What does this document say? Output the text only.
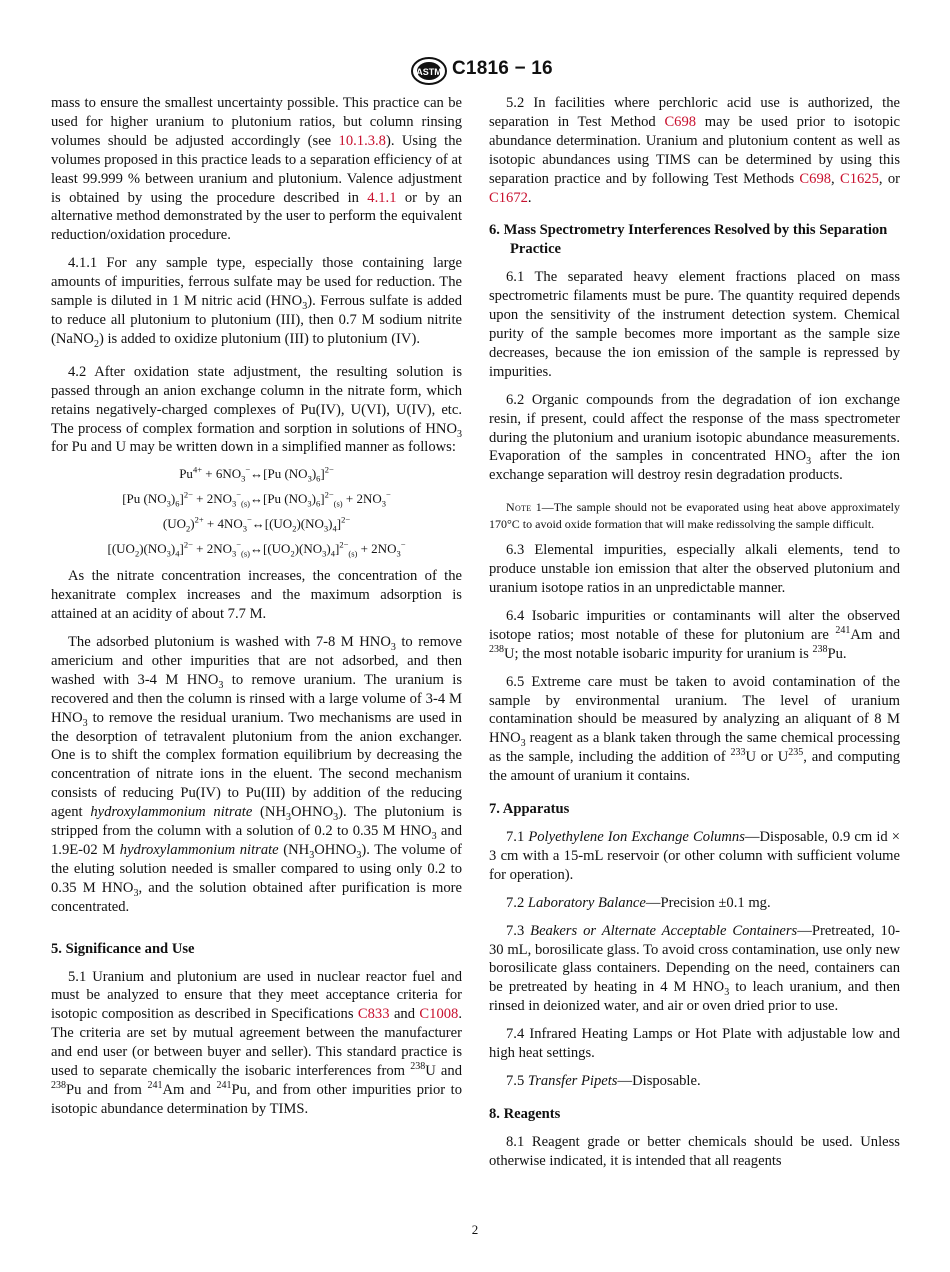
ASTM C1816 − 16

mass to ensure the smallest uncertainty possible. This practice can be used for higher uranium to plutonium ratios, but column rinsing volumes should be adjusted accordingly (see 10.1.3.8). Using the volumes proposed in this practice leads to a separation efficiency of at least 99.999 % between uranium and plutonium. Valence adjustment is obtained by using the procedure described in 4.1.1 or by an alternative method demonstrated by the user to perform the equivalent reduction/oxidation procedure.

4.1.1 For any sample type, especially those containing large amounts of impurities, ferrous sulfate may be used for reduction. The sample is diluted in 1 M nitric acid $(HNO_3)$. Ferrous sulfate is added to reduce all plutonium to plutonium (III), then 0.7 M sodium nitrite (NaNO$_2$) is added to oxidize plutonium (III) to plutonium (IV).

4.2 After oxidation state adjustment, the resulting solution is passed through an anion exchange column in the nitrate form, which retains negatively-charged complexes of Pu(IV), U(VI), U(IV), etc. The process of complex formation and sorption in solutions of $HNO_3$ for Pu and U may be written down in a simplified manner as follows:

$Pu^{4+}$ + $6NO_3^-\leftrightarrow[Pu$ $(NO_3)_6]^{2-}$
[Pu $(NO_3)_6]^{2-}$ + $2NO_3^-_{(s)}\leftrightarrow[Pu$ $(NO_3)_6]^{2-}_{(s)} + 2NO_3^-$
$(UO_2)^{2+}$ + $4NO_3^-\leftrightarrow[(UO_2)(NO_3)_4]^{2-}$
$[(UO_2)(NO_3)_4]^{2-}$ + $2NO_3^-_{(s)}\leftrightarrow[(UO_2)(NO_3)_4]^{2-}_{(s)} + 2NO_3^-$

As the nitrate concentration increases, the concentration of the hexanitrate complex increases and the maximum adsorption is attained at an acidity of about 7.7 M.

The adsorbed plutonium is washed with 7-8 M $HNO_3$ to remove americium and other impurities that are not adsorbed, and then washed with 3-4 M $HNO_3$ to remove uranium. The uranium is recovered and then the column is rinsed with a large volume of 3-4 M $HNO_3$ to remove the residual uranium. Two mechanisms are used in the desorption of tetravalent plutonium from the anion exchanger. One is to shift the complex formation equilibrium by decreasing the concentration of nitrate ions in the eluent. The second mechanism consists of reducing Pu(IV) to Pu(III) by addition of the reducing agent hydroxylammonium nitrate $(NH_3OHNO_3)$. The plutonium is stripped from the column with a solution of 0.2 to 0.35 M $HNO_3$ and 1.9E-02 M hydroxylammonium nitrate $(NH_3OHNO_3)$. The volume of the eluting solution needed is smaller compared to using only 0.2 to 0.35 M $HNO_3$, and the solution obtained after purification is more concentrated.

5. Significance and Use

5.1 Uranium and plutonium are used in nuclear reactor fuel and must be analyzed to ensure that they meet acceptance criteria for isotopic composition as described in Specifications C833 and C1008. The criteria are set by mutual agreement between the manufacturer and end user (or between buyer and seller). This standard practice is used to separate chemically the isobaric interferences from $^{238}$U and $^{238}$Pu and from $^{241}$Am and $^{241}$Pu, and from other impurities prior to isotopic abundance determination by TIMS.

5.2 In facilities where perchloric acid use is authorized, the separation in Test Method C698 may be used prior to isotopic abundance determination. Uranium and plutonium content as well as isotopic abundances using TIMS can be determined by using this separation practice and by following Test Methods C698, C1625, or C1672.

6. Mass Spectrometry Interferences Resolved by this Separation Practice

6.1 The separated heavy element fractions placed on mass spectrometric filaments must be pure. The quantity required depends upon the sensitivity of the instrument detection system. Chemical purity of the sample becomes more important as the sample size decreases, because the ion emission of the sample is repressed by impurities.

6.2 Organic compounds from the degradation of ion exchange resin, if present, could affect the response of the mass spectrometer during the plutonium and uranium isotopic abundance measurements. Evaporation of the samples in concentrated $HNO_3$ after the ion exchange separation will destroy resin degradation products.

Note 1—The sample should not be evaporated using heat above approximately 170°C to avoid oxide formation that will make redissolving the sample difficult.

6.3 Elemental impurities, especially alkali elements, tend to produce unstable ion emission that alter the observed plutonium and uranium isotope ratios in an unpredictable manner.

6.4 Isobaric impurities or contaminants will alter the observed isotope ratios; most notable of these for plutonium are $^{241}$Am and $^{238}$U; the most notable isobaric impurity for uranium is $^{238}$Pu.

6.5 Extreme care must be taken to avoid contamination of the sample by environmental uranium. The level of uranium contamination should be measured by analyzing an aliquant of 8 M $HNO_3$ reagent as a blank taken through the same chemical processing as the sample, including the addition of $^{233}$U or $U^{235}$, and computing the amount of uranium it contains.

7. Apparatus

7.1 Polyethylene Ion Exchange Columns—Disposable, 0.9 cm id × 3 cm with a 15-mL reservoir (or other column with sufficient volume for operation).

7.2 Laboratory Balance—Precision ±0.1 mg.

7.3 Beakers or Alternate Acceptable Containers—Pretreated, 10-30 mL, borosilicate glass. To avoid cross contamination, use only new borosilicate glass containers. Depending on the need, containers can be pretreated by heating in 4 M $HNO_3$ to leach uranium, and then rinsed in deionized water, and air or oven dried prior to use.

7.4 Infrared Heating Lamps or Hot Plate with adjustable low and high heat settings.

7.5 Transfer Pipets—Disposable.

8. Reagents

8.1 Reagent grade or better chemicals should be used. Unless otherwise indicated, it is intended that all reagents

2
